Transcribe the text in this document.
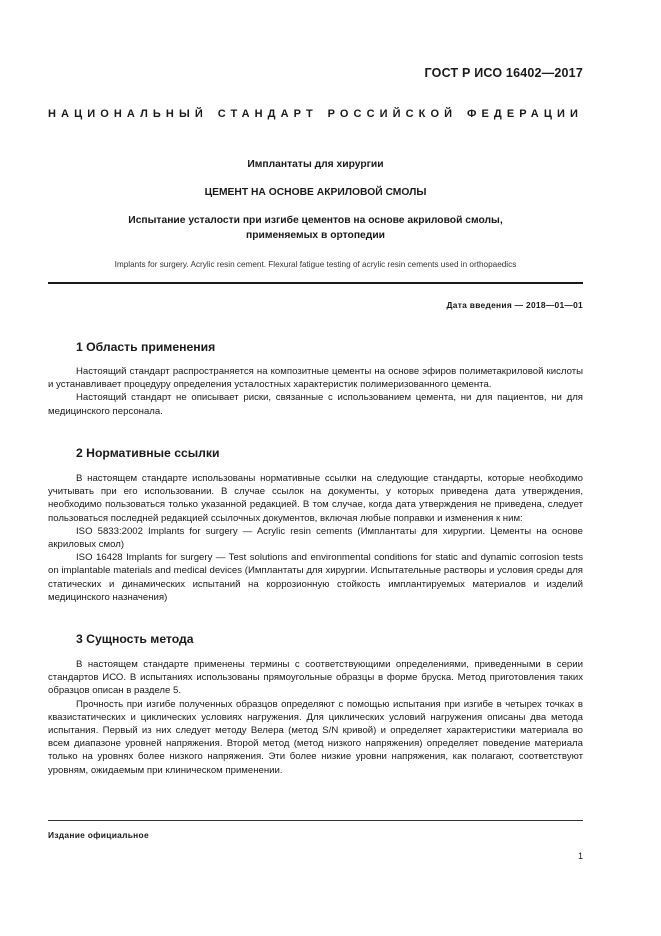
ГОСТ Р ИСО 16402—2017
НАЦИОНАЛЬНЫЙ СТАНДАРТ РОССИЙСКОЙ ФЕДЕРАЦИИ
Имплантаты для хирургии
ЦЕМЕНТ НА ОСНОВЕ АКРИЛОВОЙ СМОЛЫ
Испытание усталости при изгибе цементов на основе акриловой смолы,
применяемых в ортопедии
Implants for surgery. Acrylic resin cement. Flexural fatigue testing of acrylic resin cements used in orthopaedics
Дата введения — 2018—01—01
1 Область применения

Настоящий стандарт распространяется на композитные цементы на основе эфиров полиметакриловой кислоты и устанавливает процедуру определения усталостных характеристик полимеризованного цемента.

Настоящий стандарт не описывает риски, связанные с использованием цемента, ни для пациентов, ни для медицинского персонала.

2 Нормативные ссылки

В настоящем стандарте использованы нормативные ссылки на следующие стандарты, которые необходимо учитывать при его использовании. В случае ссылок на документы, у которых приведена дата утверждения, необходимо пользоваться только указанной редакцией. В том случае, когда дата утверждения не приведена, следует пользоваться последней редакцией ссылочных документов, включая любые поправки и изменения к ним:

ISO 5833:2002 Implants for surgery — Acrylic resin cements (Имплантаты для хирургии. Цементы на основе акриловых смол)

ISO 16428 Implants for surgery — Test solutions and environmental conditions for static and dynamic corrosion tests on implantable materials and medical devices (Имплантаты для хирургии. Испытательные растворы и условия среды для статических и динамических испытаний на коррозионную стойкость имплантируемых материалов и изделий медицинского назначения)

3 Сущность метода

В настоящем стандарте применены термины с соответствующими определениями, приведенными в серии стандартов ИСО. В испытаниях использованы прямоугольные образцы в форме бруска. Метод приготовления таких образцов описан в разделе 5.

Прочность при изгибе полученных образцов определяют с помощью испытания при изгибе в четырех точках в квазистатических и циклических условиях нагружения. Для циклических условий нагружения описаны два метода испытания. Первый из них следует методу Велера (метод S/N кривой) и определяет характеристики материала во всем диапазоне уровней напряжения. Второй метод (метод низкого напряжения) определяет поведение материала только на уровнях более низкого напряжения. Эти более низкие уровни напряжения, как полагают, соответствуют уровням, ожидаемым при клиническом применении.

Издание официальное
1
